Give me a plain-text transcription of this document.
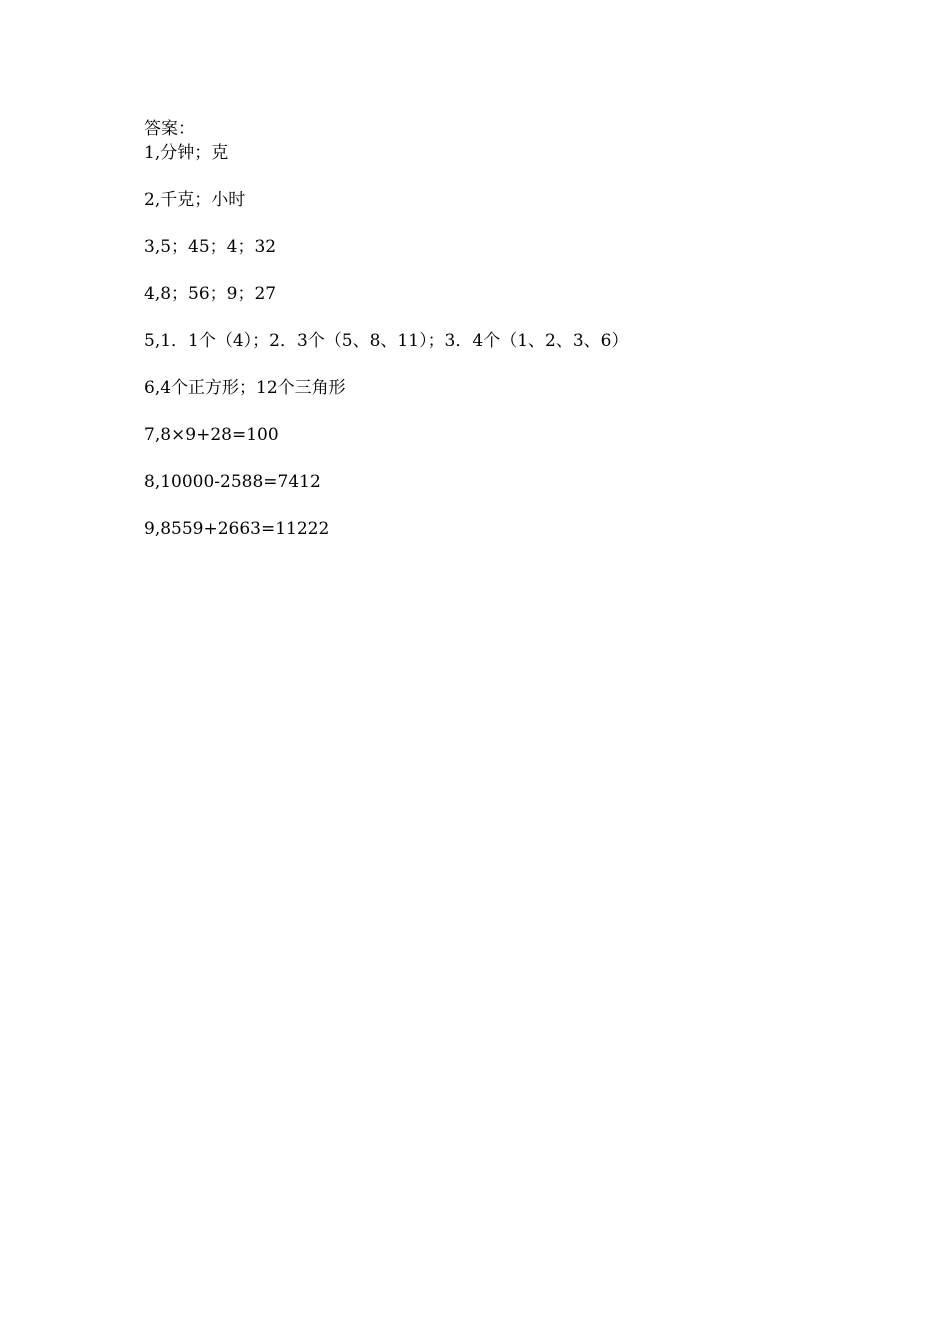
答案：
1,分钟；克
2,千克；小时
3,5；45；4；32
4,8；56；9；27
5,1．1个（4）；2．3个（5、8、11）；3．4个（1、2、3、6）
6,4个正方形；12个三角形
7,8×9+28=100
8,10000-2588=7412
9,8559+2663=11222
